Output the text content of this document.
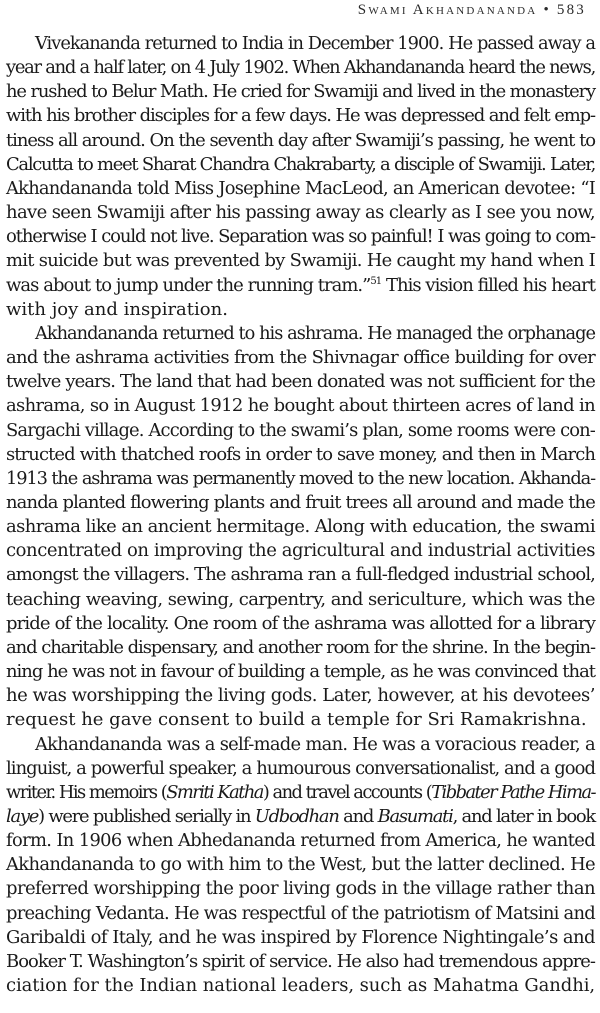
Swami Akhandananda • 583

Vivekananda returned to India in December 1900. He passed away a
year and a half later, on 4 July 1902. When Akhandananda heard the news,
he rushed to Belur Math. He cried for Swamiji and lived in the monastery
with his brother disciples for a few days. He was depressed and felt emp-
tiness all around. On the seventh day after Swamiji’s passing, he went to
Calcutta to meet Sharat Chandra Chakrabarty, a disciple of Swamiji. Later,
Akhandananda told Miss Josephine MacLeod, an American devotee: “I
have seen Swamiji after his passing away as clearly as I see you now,
otherwise I could not live. Separation was so painful! I was going to com-
mit suicide but was prevented by Swamiji. He caught my hand when I
was about to jump under the running tram.”$^{51}$ This vision filled his heart
with joy and inspiration.

Akhandananda returned to his ashrama. He managed the orphanage
and the ashrama activities from the Shivnagar office building for over
twelve years. The land that had been donated was not sufficient for the
ashrama, so in August 1912 he bought about thirteen acres of land in
Sargachi village. According to the swami’s plan, some rooms were con-
structed with thatched roofs in order to save money, and then in March
1913 the ashrama was permanently moved to the new location. Akhanda-
nanda planted flowering plants and fruit trees all around and made the
ashrama like an ancient hermitage. Along with education, the swami
concentrated on improving the agricultural and industrial activities
amongst the villagers. The ashrama ran a full-fledged industrial school,
teaching weaving, sewing, carpentry, and sericulture, which was the
pride of the locality. One room of the ashrama was allotted for a library
and charitable dispensary, and another room for the shrine. In the begin-
ning he was not in favour of building a temple, as he was convinced that
he was worshipping the living gods. Later, however, at his devotees’
request he gave consent to build a temple for Sri Ramakrishna.

Akhandananda was a self-made man. He was a voracious reader, a
linguist, a powerful speaker, a humourous conversationalist, and a good
writer. His memoirs (Smriti Katha) and travel accounts (Tibbater Pathe Hima-
laye) were published serially in Udbodhan and Basumati, and later in book
form. In 1906 when Abhedananda returned from America, he wanted
Akhandananda to go with him to the West, but the latter declined. He
preferred worshipping the poor living gods in the village rather than
preaching Vedanta. He was respectful of the patriotism of Matsini and
Garibaldi of Italy, and he was inspired by Florence Nightingale’s and
Booker T. Washington’s spirit of service. He also had tremendous appre-
ciation for the Indian national leaders, such as Mahatma Gandhi,
